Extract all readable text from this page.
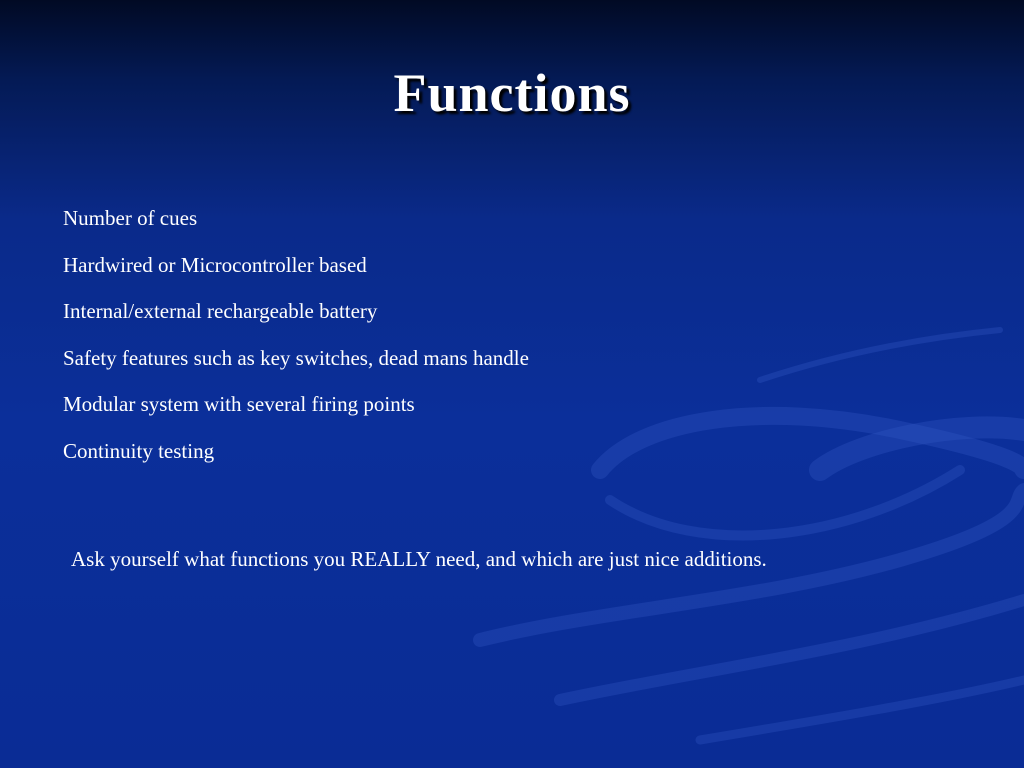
Functions
Number of cues
Hardwired or Microcontroller based
Internal/external rechargeable battery
Safety features such as key switches, dead mans handle
Modular system with several firing points
Continuity testing
Ask yourself what functions you REALLY need, and which are just nice additions.
